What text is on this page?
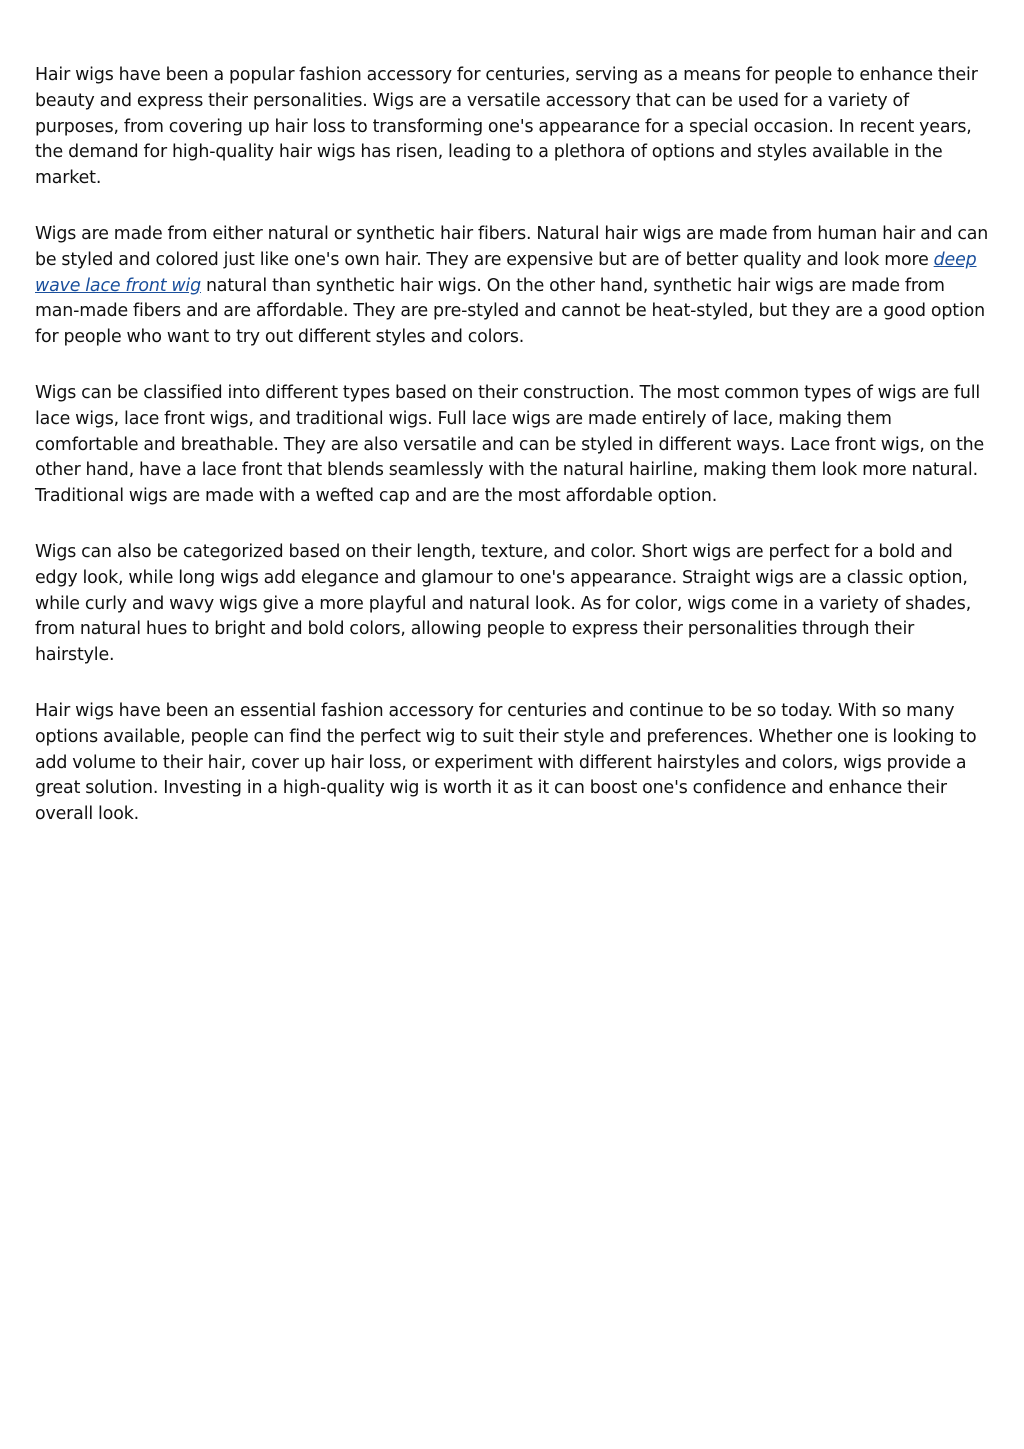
Hair wigs have been a popular fashion accessory for centuries, serving as a means for people to enhance their beauty and express their personalities. Wigs are a versatile accessory that can be used for a variety of purposes, from covering up hair loss to transforming one's appearance for a special occasion. In recent years, the demand for high-quality hair wigs has risen, leading to a plethora of options and styles available in the market.

Wigs are made from either natural or synthetic hair fibers. Natural hair wigs are made from human hair and can be styled and colored just like one's own hair. They are expensive but are of better quality and look more deep wave lace front wig natural than synthetic hair wigs. On the other hand, synthetic hair wigs are made from man-made fibers and are affordable. They are pre-styled and cannot be heat-styled, but they are a good option for people who want to try out different styles and colors.

Wigs can be classified into different types based on their construction. The most common types of wigs are full lace wigs, lace front wigs, and traditional wigs. Full lace wigs are made entirely of lace, making them comfortable and breathable. They are also versatile and can be styled in different ways. Lace front wigs, on the other hand, have a lace front that blends seamlessly with the natural hairline, making them look more natural. Traditional wigs are made with a wefted cap and are the most affordable option.

Wigs can also be categorized based on their length, texture, and color. Short wigs are perfect for a bold and edgy look, while long wigs add elegance and glamour to one's appearance. Straight wigs are a classic option, while curly and wavy wigs give a more playful and natural look. As for color, wigs come in a variety of shades, from natural hues to bright and bold colors, allowing people to express their personalities through their hairstyle.

Hair wigs have been an essential fashion accessory for centuries and continue to be so today. With so many options available, people can find the perfect wig to suit their style and preferences. Whether one is looking to add volume to their hair, cover up hair loss, or experiment with different hairstyles and colors, wigs provide a great solution. Investing in a high-quality wig is worth it as it can boost one's confidence and enhance their overall look.
